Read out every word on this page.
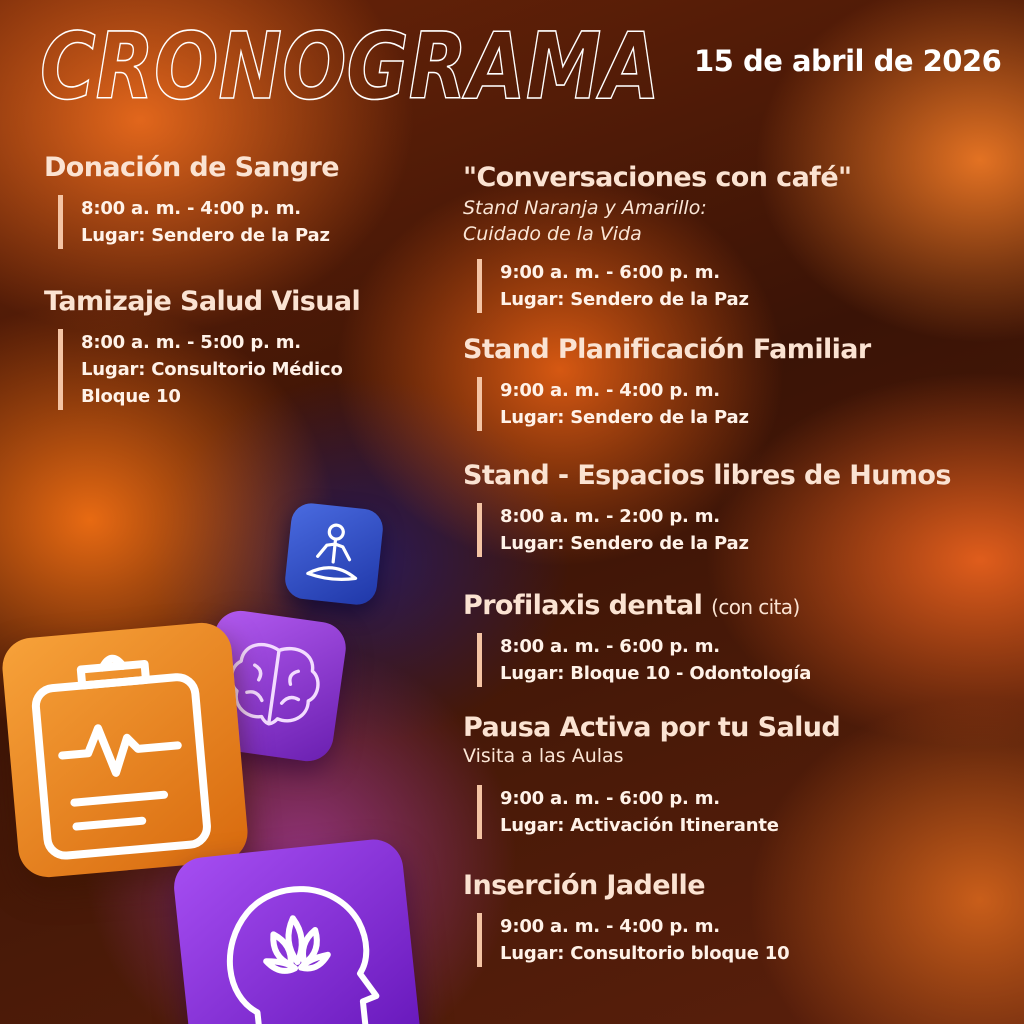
CRONOGRAMA 15 de abril de 2026
Donación de Sangre
8:00 a. m. - 4:00 p. m.
Lugar: Sendero de la Paz
Tamizaje Salud Visual
8:00 a. m. - 5:00 p. m.
Lugar: Consultorio Médico
Bloque 10
"Conversaciones con café"
Stand Naranja y Amarillo:
Cuidado de la Vida
9:00 a. m. - 6:00 p. m.
Lugar: Sendero de la Paz
Stand Planificación Familiar
9:00 a. m. - 4:00 p. m.
Lugar: Sendero de la Paz
Stand - Espacios libres de Humos
8:00 a. m. - 2:00 p. m.
Lugar: Sendero de la Paz
Profilaxis dental (con cita)
8:00 a. m. - 6:00 p. m.
Lugar: Bloque 10 - Odontología
Pausa Activa por tu Salud
Visita a las Aulas
9:00 a. m. - 6:00 p. m.
Lugar: Activación Itinerante
Inserción Jadelle
9:00 a. m. - 4:00 p. m.
Lugar: Consultorio bloque 10
